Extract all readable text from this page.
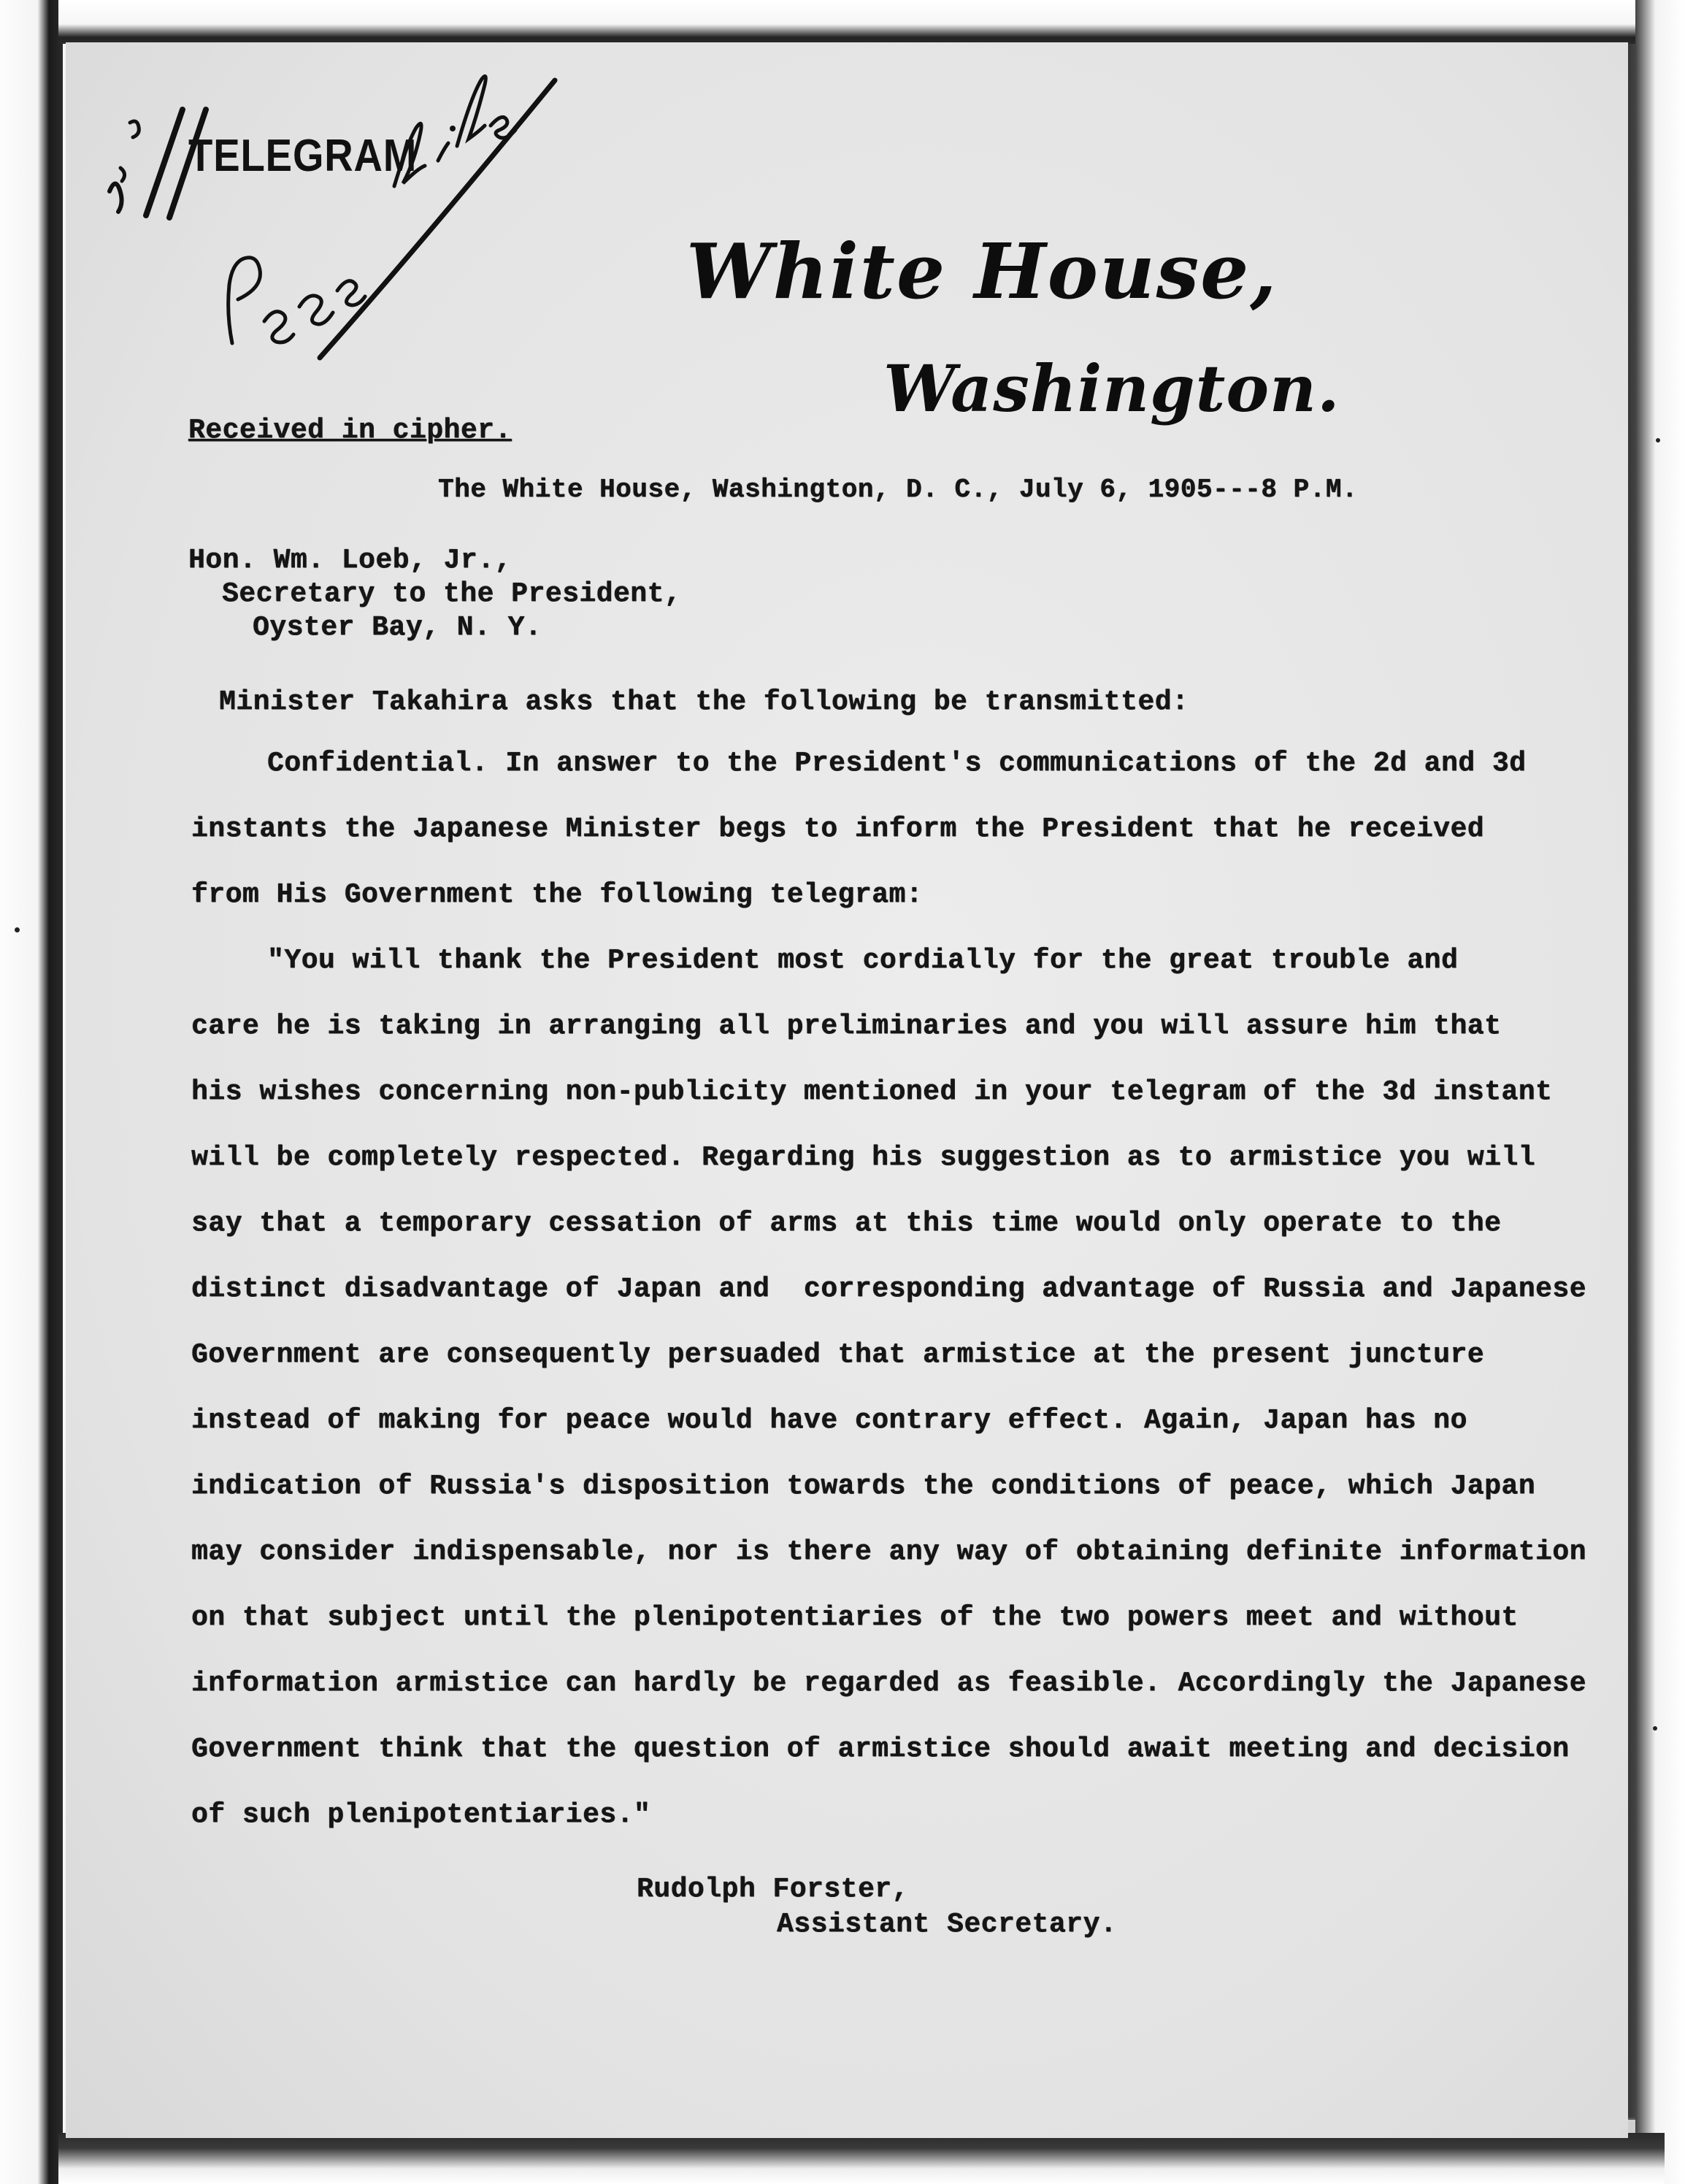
TELEGRAM
White House,
Washington.
Received in cipher.
The White House, Washington, D. C., July 6, 1905---8 P.M.
Hon. Wm. Loeb, Jr.,
Secretary to the President,
Oyster Bay, N. Y.
Minister Takahira asks that the following be transmitted:
Confidential. In answer to the President's communications of the 2d and 3d
instants the Japanese Minister begs to inform the President that he received
from His Government the following telegram:
"You will thank the President most cordially for the great trouble and
care he is taking in arranging all preliminaries and you will assure him that
his wishes concerning non-publicity mentioned in your telegram of the 3d instant
will be completely respected. Regarding his suggestion as to armistice you will
say that a temporary cessation of arms at this time would only operate to the
distinct disadvantage of Japan and  corresponding advantage of Russia and Japanese
Government are consequently persuaded that armistice at the present juncture
instead of making for peace would have contrary effect. Again, Japan has no
indication of Russia's disposition towards the conditions of peace, which Japan
may consider indispensable, nor is there any way of obtaining definite information
on that subject until the plenipotentiaries of the two powers meet and without
information armistice can hardly be regarded as feasible. Accordingly the Japanese
Government think that the question of armistice should await meeting and decision
of such plenipotentiaries."
Rudolph Forster,
Assistant Secretary.
